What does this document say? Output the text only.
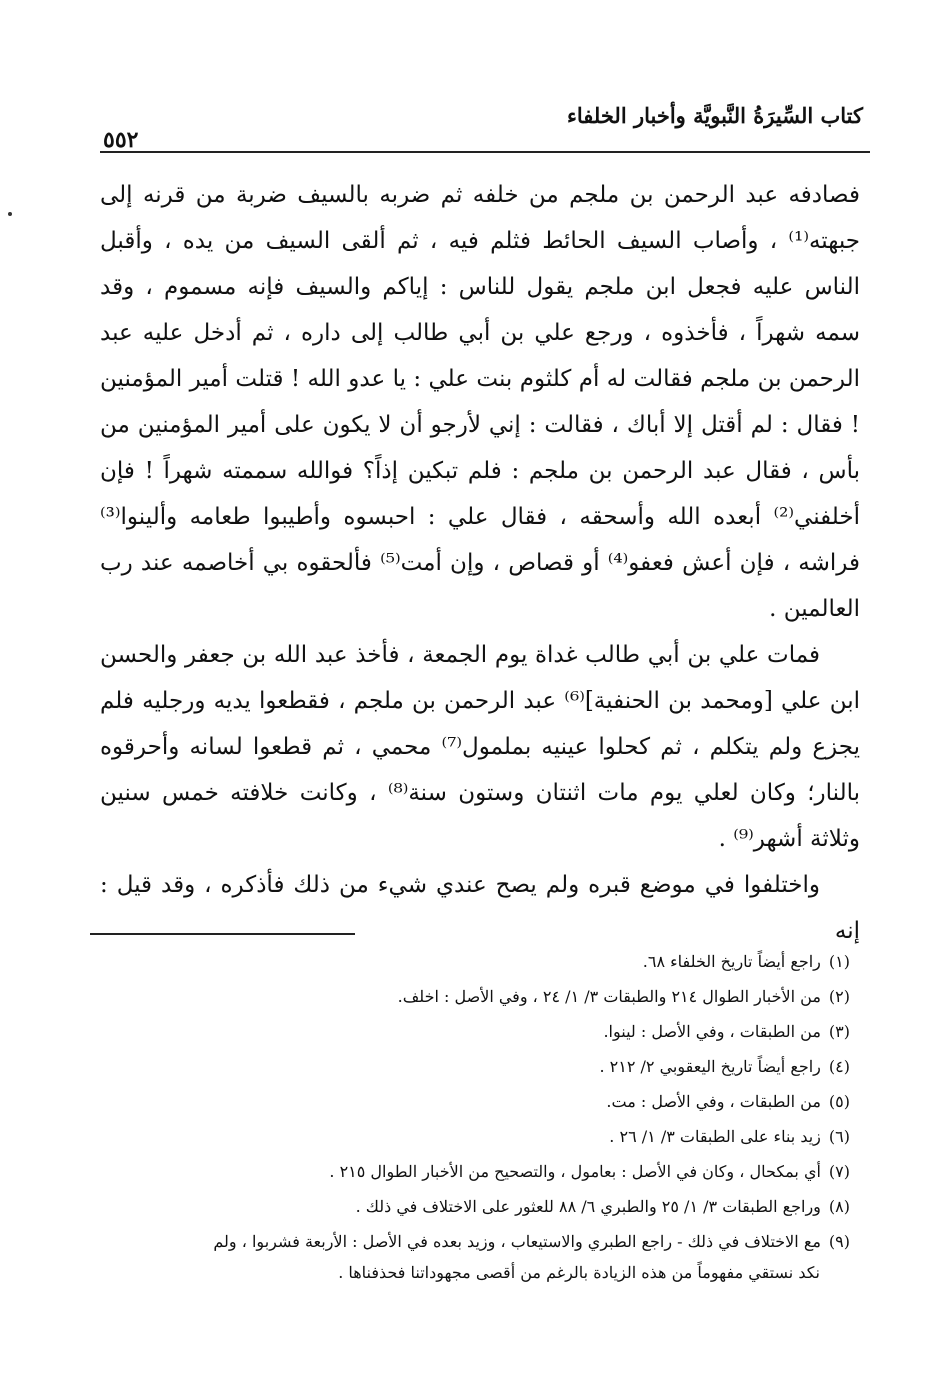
كتاب السِّيرَةُ النَّبويَّة وأخبار الخلفاء
٥٥٢

فصادفه عبد الرحمن بن ملجم من خلفه ثم ضربه بالسيف ضربة من قرنه إلى جبهته⁽¹⁾ ، وأصاب السيف الحائط فثلم فيه ، ثم ألقى السيف من يده ، وأقبل الناس عليه فجعل ابن ملجم يقول للناس : إياكم والسيف فإنه مسموم ، وقد سمه شهراً ، فأخذوه ، ورجع علي بن أبي طالب إلى داره ، ثم أدخل عليه عبد الرحمن بن ملجم فقالت له أم كلثوم بنت علي : يا عدو الله ! قتلت أمير المؤمنين ! فقال : لم أقتل إلا أباك ، فقالت : إني لأرجو أن لا يكون على أمير المؤمنين من بأس ، فقال عبد الرحمن بن ملجم : فلم تبكين إذاً؟ فوالله سممته شهراً ! فإن أخلفني⁽²⁾ أبعده الله وأسحقه ، فقال علي : احبسوه وأطيبوا طعامه وألينوا⁽³⁾ فراشه ، فإن أعش فعفو⁽⁴⁾ أو قصاص ، وإن أمت⁽⁵⁾ فألحقوه بي أخاصمه عند رب العالمين .

فمات علي بن أبي طالب غداة يوم الجمعة ، فأخذ عبد الله بن جعفر والحسن ابن علي [ومحمد بن الحنفية]⁽⁶⁾ عبد الرحمن بن ملجم ، فقطعوا يديه ورجليه فلم يجزع ولم يتكلم ، ثم كحلوا عينيه بملمول⁽⁷⁾ محمي ، ثم قطعوا لسانه وأحرقوه بالنار؛ وكان لعلي يوم مات اثنتان وستون سنة⁽⁸⁾ ، وكانت خلافته خمس سنين وثلاثة أشهر⁽⁹⁾ .

واختلفوا في موضع قبره ولم يصح عندي شيء من ذلك فأذكره ، وقد قيل : إنه

(١)راجع أيضاً تاريخ الخلفاء ٦٨.
(٢)من الأخبار الطوال ٢١٤ والطبقات ٣/ ١/ ٢٤ ، وفي الأصل : اخلف.
(٣)من الطبقات ، وفي الأصل : لينوا.
(٤)راجع أيضاً تاريخ اليعقوبي ٢/ ٢١٢ .
(٥)من الطبقات ، وفي الأصل : مت.
(٦)زيد بناء على الطبقات ٣/ ١/ ٢٦ .
(٧)أي بمكحال ، وكان في الأصل : بعامول ، والتصحيح من الأخبار الطوال ٢١٥ .
(٨)وراجع الطبقات ٣/ ١/ ٢٥ والطبري ٦/ ٨٨ للعثور على الاختلاف في ذلك .
(٩)مع الاختلاف في ذلك - راجع الطبري والاستيعاب ، وزيد بعده في الأصل : الأربعة فشربوا ، ولم
نكد نستقي مفهوماً من هذه الزيادة بالرغم من أقصى مجهوداتنا فحذفناها .
